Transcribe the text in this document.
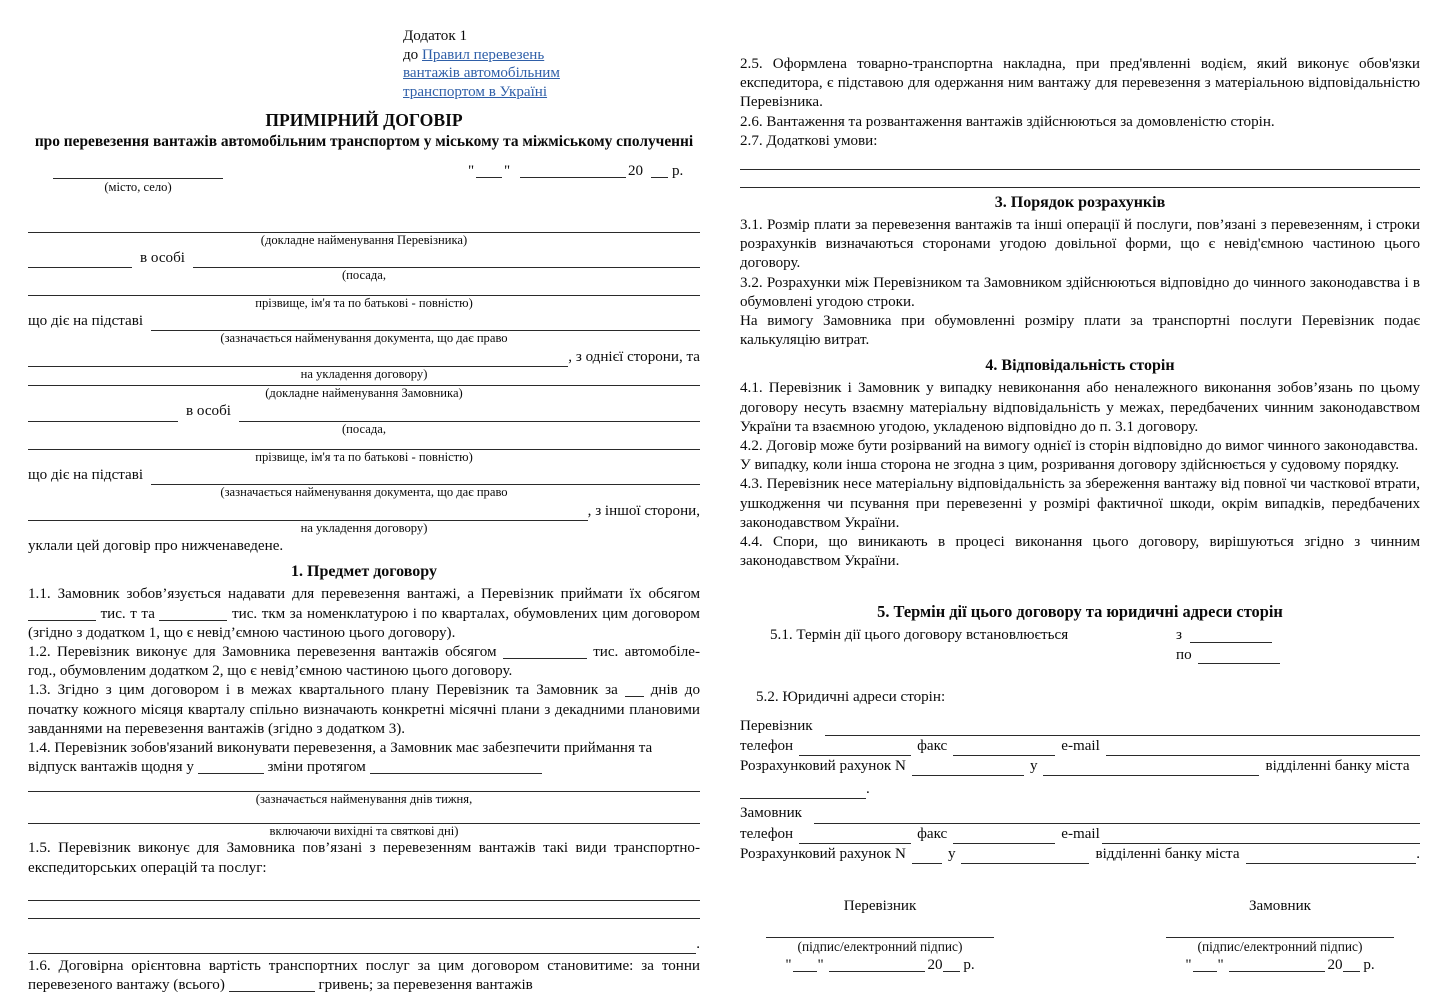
Додаток 1
до Правил перевезень
вантажів автомобільним
транспортом в Україні
ПРИМІРНИЙ ДОГОВІР
про перевезення вантажів автомобільним транспортом у міському та міжміському сполученні
(місто, село)
" "	20 р.
(докладне найменування Перевізника)
в особі
(посада,
прізвище, ім'я та по батькові - повністю)
що діє на підставі
(зазначається найменування документа, що дає право
, з однієї сторони, та
на укладення договору)
(докладне найменування Замовника)
в особі
(посада,
прізвище, ім'я та по батькові - повністю)
що діє на підставі
(зазначається найменування документа, що дає право
, з іншої сторони,
на укладення договору)
уклали цей договір про нижченаведене.
1. Предмет договору
1.1. Замовник зобов’язується надавати для перевезення вантажі, а Перевізник приймати їх обсягом  тис. т та	тис. ткм за номенклатурою і по кварталах, обумовлених цим договором (згідно з додатком 1, що є невід’ємною частиною цього договору).
1.2. Перевізник виконує для Замовника перевезення вантажів обсягом	тис. автомобіле-год., обумовленим додатком 2, що є невід’ємною частиною цього договору.
1.3. Згідно з цим договором і в межах квартального плану Перевізник та Замовник за днів до початку кожного місяця кварталу спільно визначають конкретні місячні плани з декадними плановими завданнями на перевезення вантажів (згідно з додатком 3).
1.4. Перевізник зобов'язаний виконувати перевезення, а Замовник має забезпечити приймання та відпуск вантажів щодня у	зміни протягом
(зазначається найменування днів тижня,
включаючи вихідні та святкові дні)
1.5. Перевізник виконує для Замовника пов’язані з перевезенням вантажів такі види транспортно-експедиторських операцій та послуг:
.
1.6. Договірна орієнтовна вартість транспортних послуг за цим договором становитиме: за тонни перевезеного вантажу (всього)	гривень; за перевезення вантажів
2.5. Оформлена товарно-транспортна накладна, при пред'явленні водієм, який виконує обов'язки експедитора, є підставою для одержання ним вантажу для перевезення з матеріальною відповідальністю Перевізника.
2.6. Вантаження та розвантаження вантажів здійснюються за домовленістю сторін.
2.7. Додаткові умови:
3. Порядок розрахунків
3.1. Розмір плати за перевезення вантажів та інші операції й послуги, пов’язані з перевезенням, і строки розрахунків визначаються сторонами угодою довільної форми, що є невід'ємною частиною цього договору.
3.2. Розрахунки між Перевізником та Замовником здійснюються відповідно до чинного законодавства і в обумовлені угодою строки.
На вимогу Замовника при обумовленні розміру плати за транспортні послуги Перевізник подає калькуляцію витрат.
4. Відповідальність сторін
4.1. Перевізник і Замовник у випадку невиконання або неналежного виконання зобов’язань по цьому договору несуть взаємну матеріальну відповідальність у межах, передбачених чинним законодавством України та взаємною угодою, укладеною відповідно до п. 3.1 договору.
4.2. Договір може бути розірваний на вимогу однієї із сторін відповідно до вимог чинного законодавства.
У випадку, коли інша сторона не згодна з цим, розривання договору здійснюється у судовому порядку.
4.3. Перевізник несе матеріальну відповідальність за збереження вантажу від повної чи часткової втрати, ушкодження чи псування при перевезенні у розмірі фактичної шкоди, окрім випадків, передбачених законодавством України.
4.4. Спори, що виникають в процесі виконання цього договору, вирішуються згідно з чинним законодавством України.
5. Термін дії цього договору та юридичні адреси сторін
5.1. Термін дії цього договору встановлюється	з
по
5.2. Юридичні адреси сторін:
Перевізник
телефон	факс	e-mail
Розрахунковий рахунок N	у	відділенні банку міста
.
Замовник
телефон	факс	e-mail
Розрахунковий рахунок N	у	відділенні банку міста	.
Перевізник
(підпис/електронний підпис)
" "	20 р.
Замовник
(підпис/електронний підпис)
" "	20 р.
